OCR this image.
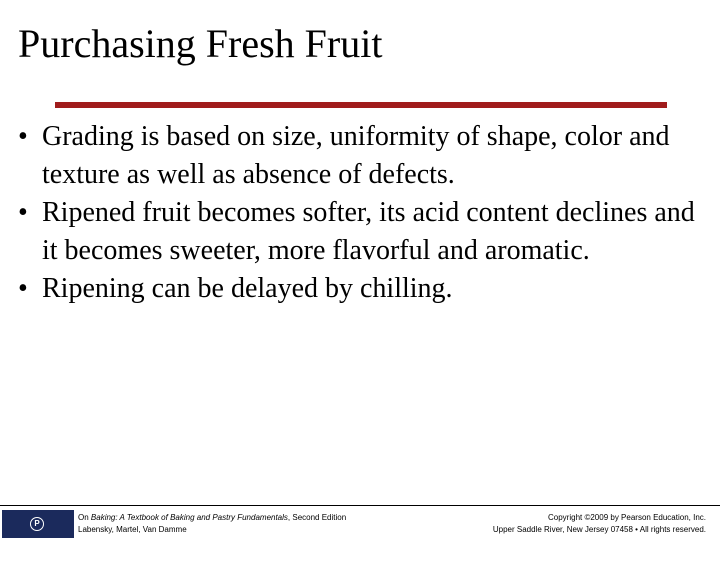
Purchasing Fresh Fruit
• Grading is based on size, uniformity of shape, color and texture as well as absence of defects.
• Ripened fruit becomes softer, its acid content declines and it becomes sweeter, more flavorful and aromatic.
• Ripening can be delayed by chilling.
PPEARSON
On Baking: A Textbook of Baking and Pastry Fundamentals, Second Edition
Labensky, Martel, Van Damme
Copyright ©2009 by Pearson Education, Inc.
Upper Saddle River, New Jersey 07458 • All rights reserved.
